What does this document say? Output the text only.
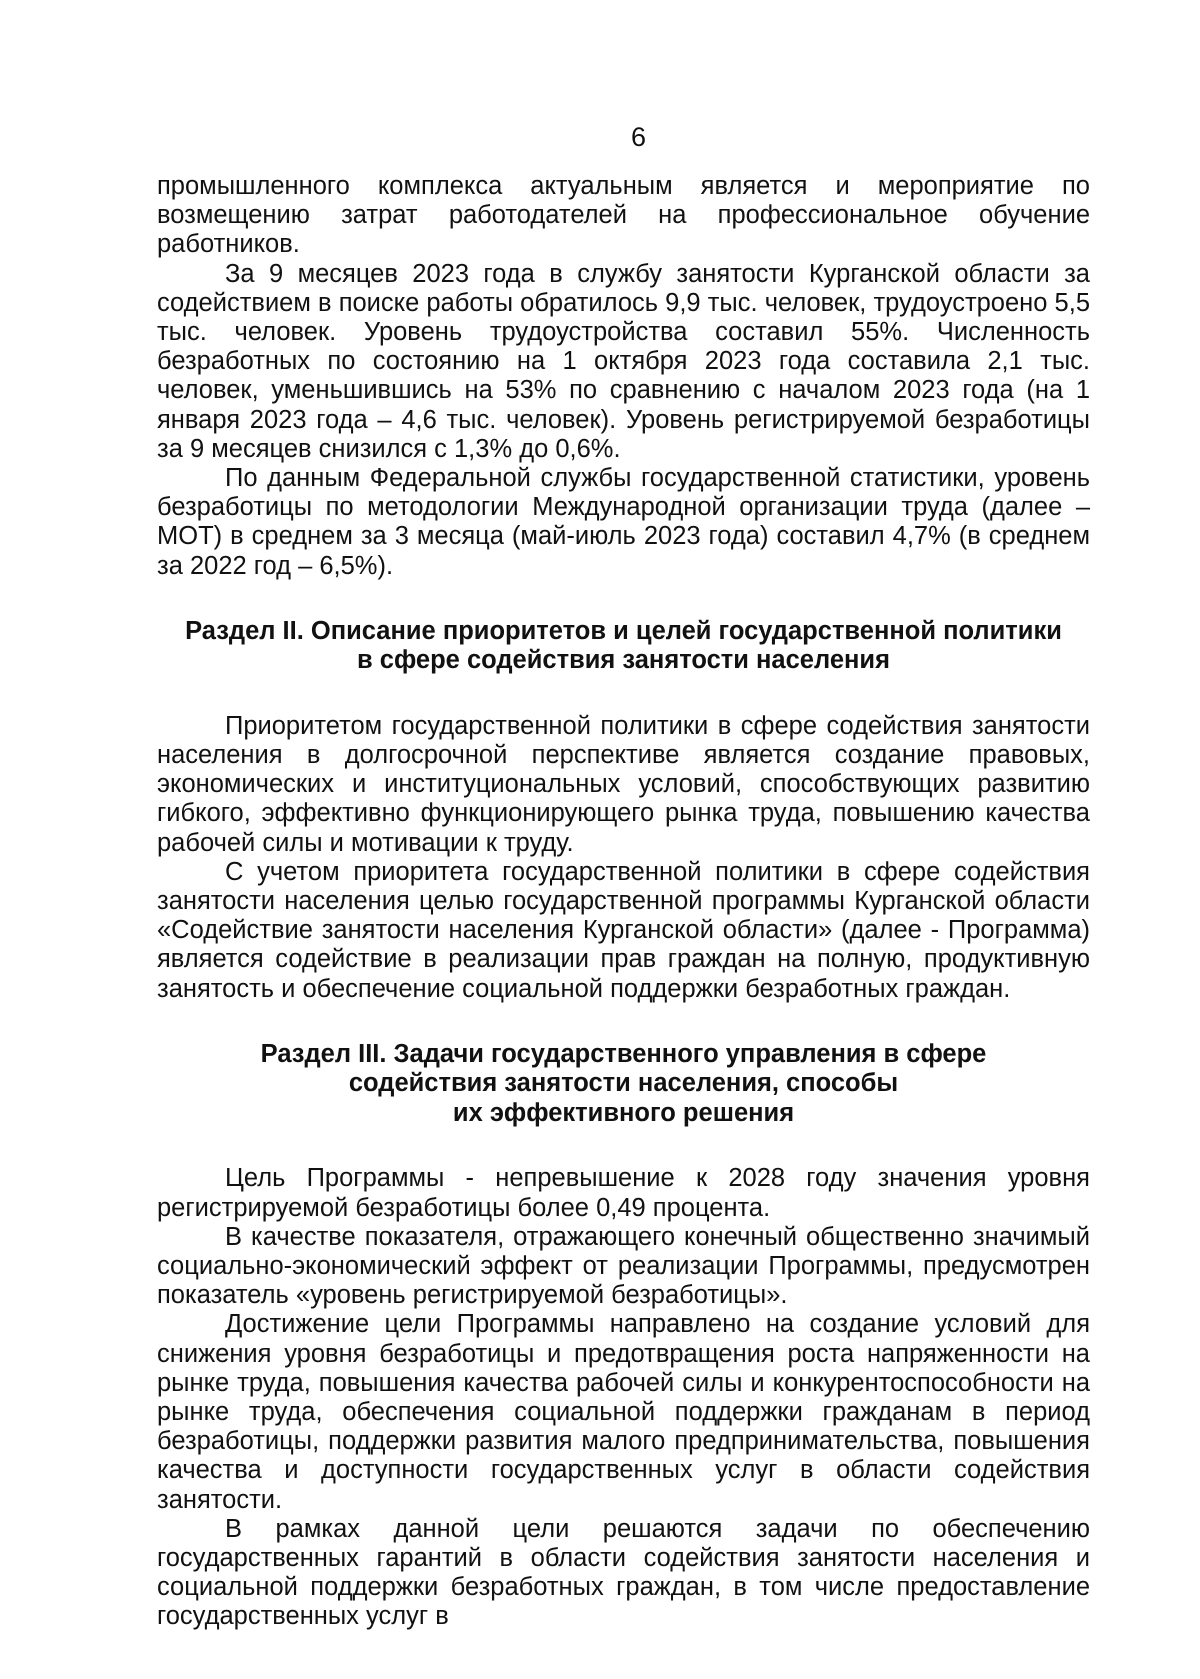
6

промышленного комплекса актуальным является и мероприятие по возмещению затрат работодателей на профессиональное обучение работников.

За 9 месяцев 2023 года в службу занятости Курганской области за содействием в поиске работы обратилось 9,9 тыс. человек, трудоустроено 5,5 тыс. человек. Уровень трудоустройства составил 55%. Численность безработных по состоянию на 1 октября 2023 года составила 2,1 тыс. человек, уменьшившись на 53% по сравнению с началом 2023 года (на 1 января 2023 года – 4,6 тыс. человек). Уровень регистрируемой безработицы за 9 месяцев снизился с 1,3% до 0,6%.

По данным Федеральной службы государственной статистики, уровень безработицы по методологии Международной организации труда (далее – МОТ) в среднем за 3 месяца (май-июль 2023 года) составил 4,7% (в среднем за 2022 год – 6,5%).

Раздел II. Описание приоритетов и целей государственной политики
в сфере содействия занятости населения

Приоритетом государственной политики в сфере содействия занятости населения в долгосрочной перспективе является создание правовых, экономических и институциональных условий, способствующих развитию гибкого, эффективно функционирующего рынка труда, повышению качества рабочей силы и мотивации к труду.

С учетом приоритета государственной политики в сфере содействия занятости населения целью государственной программы Курганской области «Содействие занятости населения Курганской области» (далее - Программа) является содействие в реализации прав граждан на полную, продуктивную занятость и обеспечение социальной поддержки безработных граждан.

Раздел III. Задачи государственного управления в сфере
содействия занятости населения, способы
их эффективного решения

Цель Программы - непревышение к 2028 году значения уровня регистрируемой безработицы более 0,49 процента.

В качестве показателя, отражающего конечный общественно значимый социально-экономический эффект от реализации Программы, предусмотрен показатель «уровень регистрируемой безработицы».

Достижение цели Программы направлено на создание условий для снижения уровня безработицы и предотвращения роста напряженности на рынке труда, повышения качества рабочей силы и конкурентоспособности на рынке труда, обеспечения социальной поддержки гражданам в период безработицы, поддержки развития малого предпринимательства, повышения качества и доступности государственных услуг в области содействия занятости.

В рамках данной цели решаются задачи по обеспечению государственных гарантий в области содействия занятости населения и социальной поддержки безработных граждан, в том числе предоставление государственных услуг в
